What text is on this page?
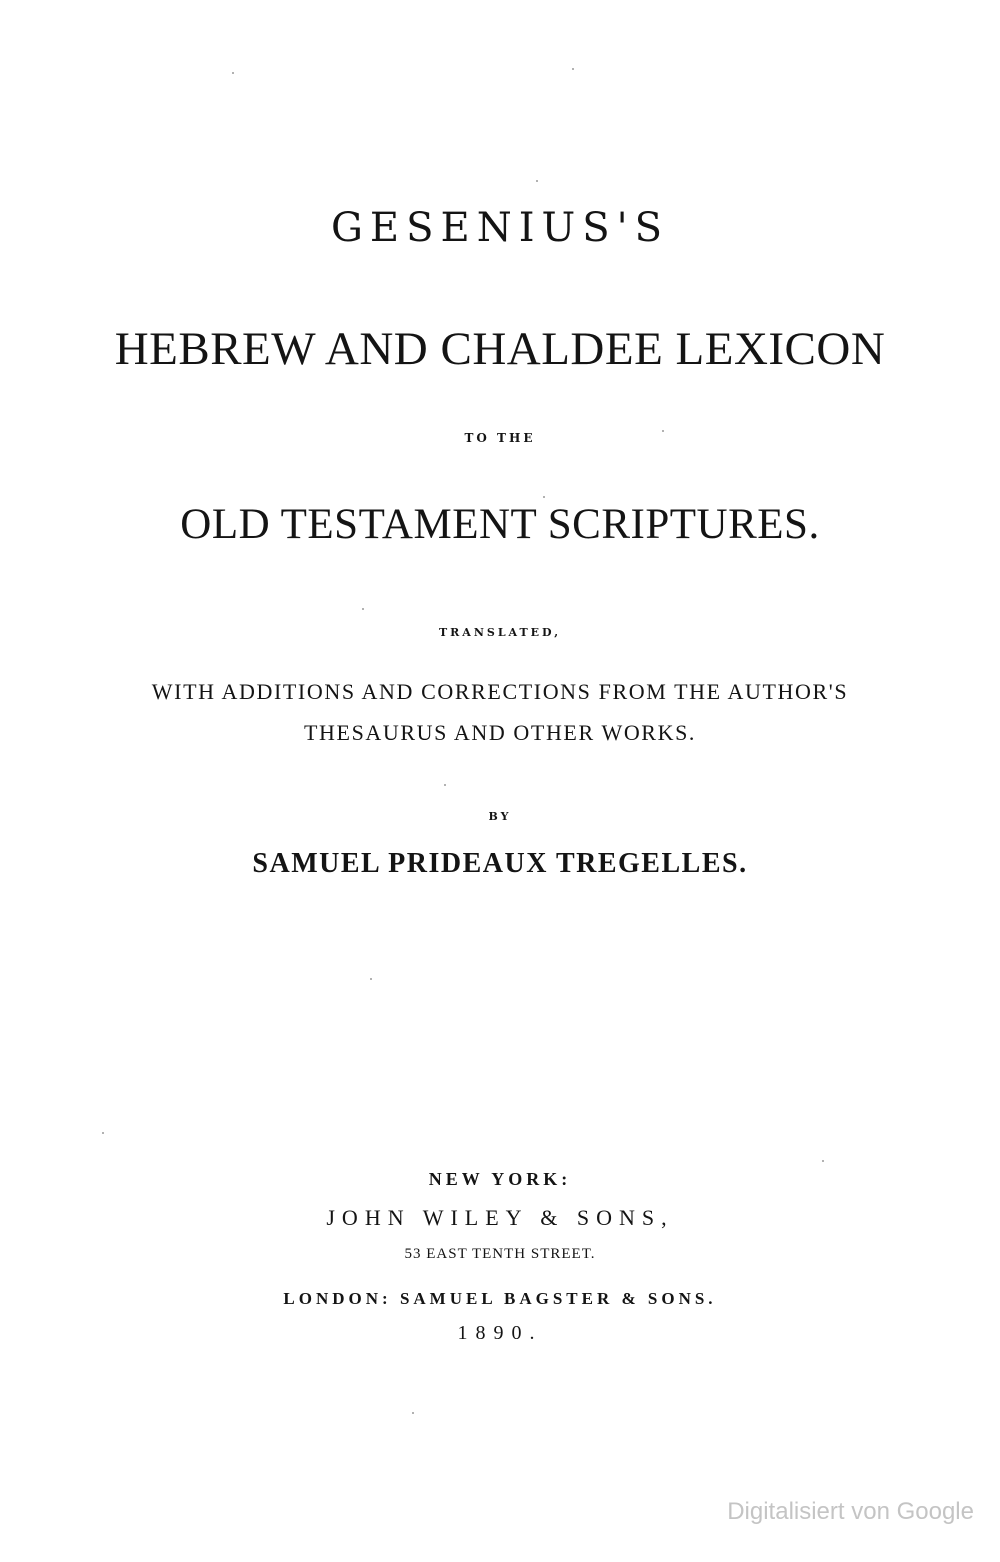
GESENIUS'S
HEBREW AND CHALDEE LEXICON
TO THE
OLD TESTAMENT SCRIPTURES.
TRANSLATED,
WITH ADDITIONS AND CORRECTIONS FROM THE AUTHOR'S
THESAURUS AND OTHER WORKS.
BY
SAMUEL PRIDEAUX TREGELLES.
NEW YORK:
JOHN WILEY & SONS,
53 EAST TENTH STREET.
LONDON: SAMUEL BAGSTER & SONS.
1890.
Digitalisiert von Google
